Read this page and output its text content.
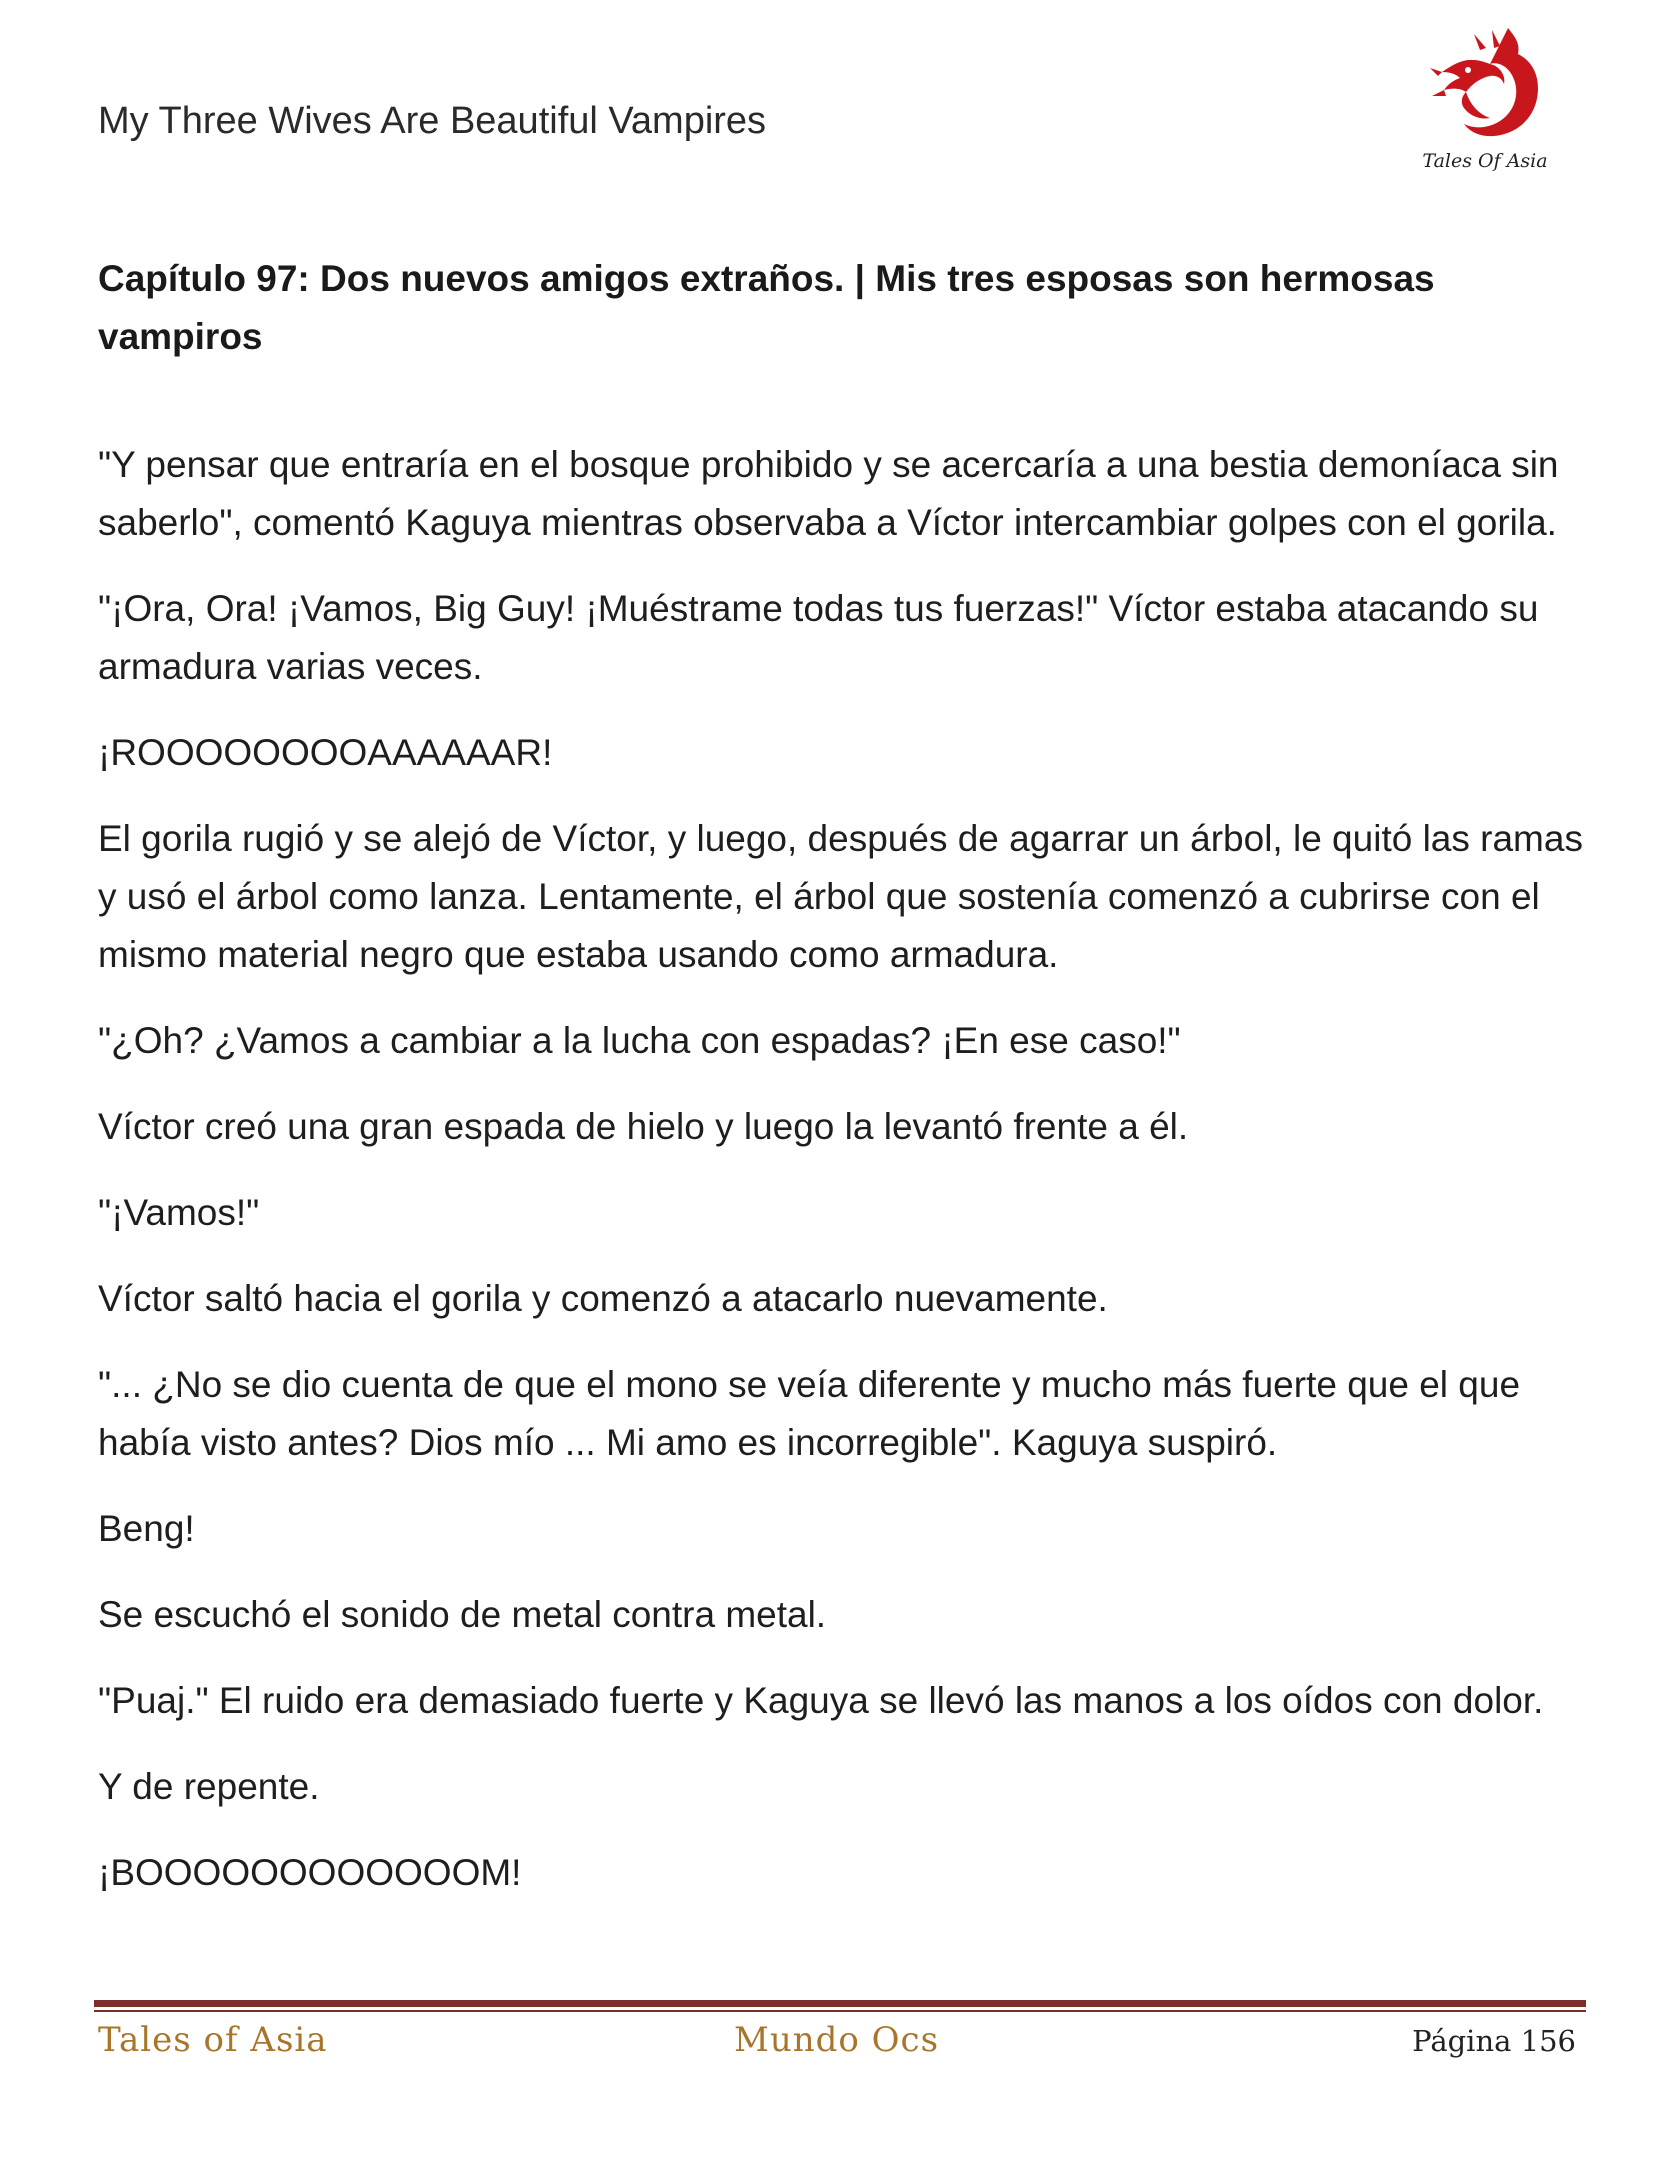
My Three Wives Are Beautiful Vampires
Tales Of Asia
Capítulo 97: Dos nuevos amigos extraños. | Mis tres esposas son hermosas vampiros

"Y pensar que entraría en el bosque prohibido y se acercaría a una bestia demoníaca sin saberlo", comentó Kaguya mientras observaba a Víctor intercambiar golpes con el gorila.

"¡Ora, Ora! ¡Vamos, Big Guy! ¡Muéstrame todas tus fuerzas!" Víctor estaba atacando su armadura varias veces.

¡ROOOOOOOOAAAAAAR!

El gorila rugió y se alejó de Víctor, y luego, después de agarrar un árbol, le quitó las ramas y usó el árbol como lanza. Lentamente, el árbol que sostenía comenzó a cubrirse con el mismo material negro que estaba usando como armadura.

"¿Oh? ¿Vamos a cambiar a la lucha con espadas? ¡En ese caso!"

Víctor creó una gran espada de hielo y luego la levantó frente a él.

"¡Vamos!"

Víctor saltó hacia el gorila y comenzó a atacarlo nuevamente.

"... ¿No se dio cuenta de que el mono se veía diferente y mucho más fuerte que el que había visto antes? Dios mío ... Mi amo es incorregible". Kaguya suspiró.

Beng!

Se escuchó el sonido de metal contra metal.

"Puaj." El ruido era demasiado fuerte y Kaguya se llevó las manos a los oídos con dolor.

Y de repente.

¡BOOOOOOOOOOOOM!

Tales of Asia	Mundo Ocs	Página 156
